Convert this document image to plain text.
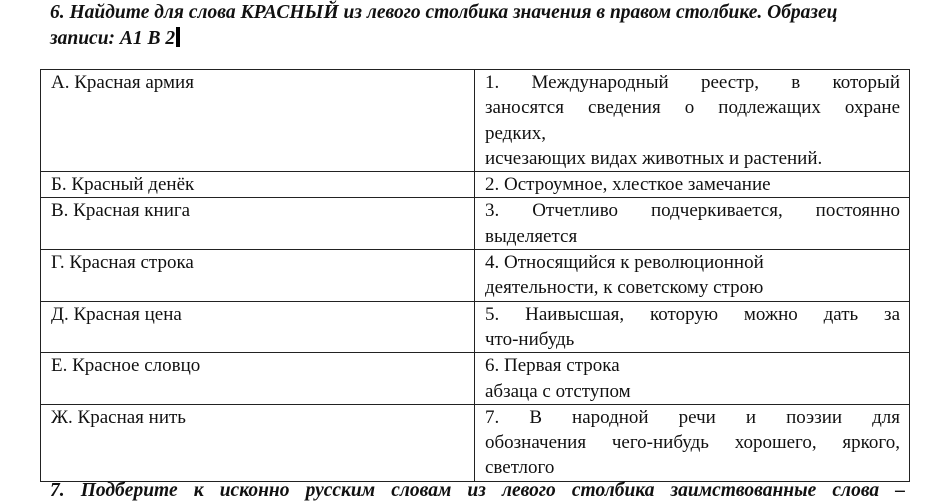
6. Найдите для слова КРАСНЫЙ из левого столбика значения в правом столбике. Образец
записи: А1 В 2
А. Красная армия	1. Международный реестр, в который
заносятся сведения о подлежащих охране
редких,
исчезающих видах животных и растений.

Б. Красный денёк	2. Остроумное, хлесткое замечание

В. Красная книга	3. Отчетливо подчеркивается, постоянно
выделяется

Г. Красная строка	4. Относящийся к революционной
деятельности, к советскому строю

Д. Красная цена	5. Наивысшая, которую можно дать за
что-нибудь

Е. Красное словцо	6. Первая строка
абзаца с отступом

Ж. Красная нить	7. В народной речи и поэзии для
обозначения чего-нибудь хорошего, яркого,
светлого
7. Подберите к исконно русским словам из левого столбика заимствованные слова –
